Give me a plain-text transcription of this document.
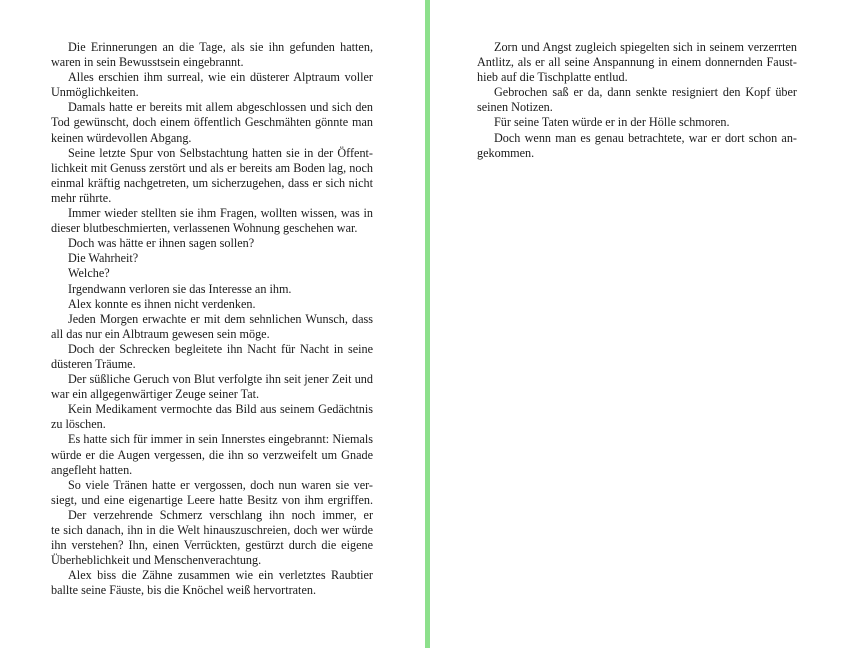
Die Erinnerungen an die Tage, als sie ihn gefunden hatten,
waren in sein Bewusstsein eingebrannt.
Alles erschien ihm surreal, wie ein düsterer Alptraum voller
Unmöglichkeiten.
Damals hatte er bereits mit allem abgeschlossen und sich den
Tod gewünscht, doch einem öffentlich Geschmähten gönnte man
keinen würdevollen Abgang.
Seine letzte Spur von Selbstachtung hatten sie in der Öffent-
lichkeit mit Genuss zerstört und als er bereits am Boden lag, noch
einmal kräftig nachgetreten, um sicherzugehen, dass er sich nicht
mehr rührte.
Immer wieder stellten sie ihm Fragen, wollten wissen, was in
dieser blutbeschmierten, verlassenen Wohnung geschehen war.
Doch was hätte er ihnen sagen sollen?
Die Wahrheit?
Welche?
Irgendwann verloren sie das Interesse an ihm.
Alex konnte es ihnen nicht verdenken.
Jeden Morgen erwachte er mit dem sehnlichen Wunsch, dass
all das nur ein Albtraum gewesen sein möge.
Doch der Schrecken begleitete ihn Nacht für Nacht in seine
düsteren Träume.
Der süßliche Geruch von Blut verfolgte ihn seit jener Zeit und
war ein allgegenwärtiger Zeuge seiner Tat.
Kein Medikament vermochte das Bild aus seinem Gedächtnis
zu löschen.
Es hatte sich für immer in sein Innerstes eingebrannt: Niemals
würde er die Augen vergessen, die ihn so verzweifelt um Gnade
angefleht hatten.
So viele Tränen hatte er vergossen, doch nun waren sie ver-
siegt, und eine eigenartige Leere hatte Besitz von ihm ergriffen.
Der verzehrende Schmerz verschlang ihn noch immer, er
te sich danach, ihn in die Welt hinauszuschreien, doch wer würde
ihn verstehen? Ihn, einen Verrückten, gestürzt durch die eigene
Überheblichkeit und Menschenverachtung.
Alex biss die Zähne zusammen wie ein verletztes Raubtier
ballte seine Fäuste, bis die Knöchel weiß hervortraten.
Zorn und Angst zugleich spiegelten sich in seinem verzerrten
Antlitz, als er all seine Anspannung in einem donnernden Faust-
hieb auf die Tischplatte entlud.
Gebrochen saß er da, dann senkte resigniert den Kopf über
seinen Notizen.
Für seine Taten würde er in der Hölle schmoren.
Doch wenn man es genau betrachtete, war er dort schon an-
gekommen.
